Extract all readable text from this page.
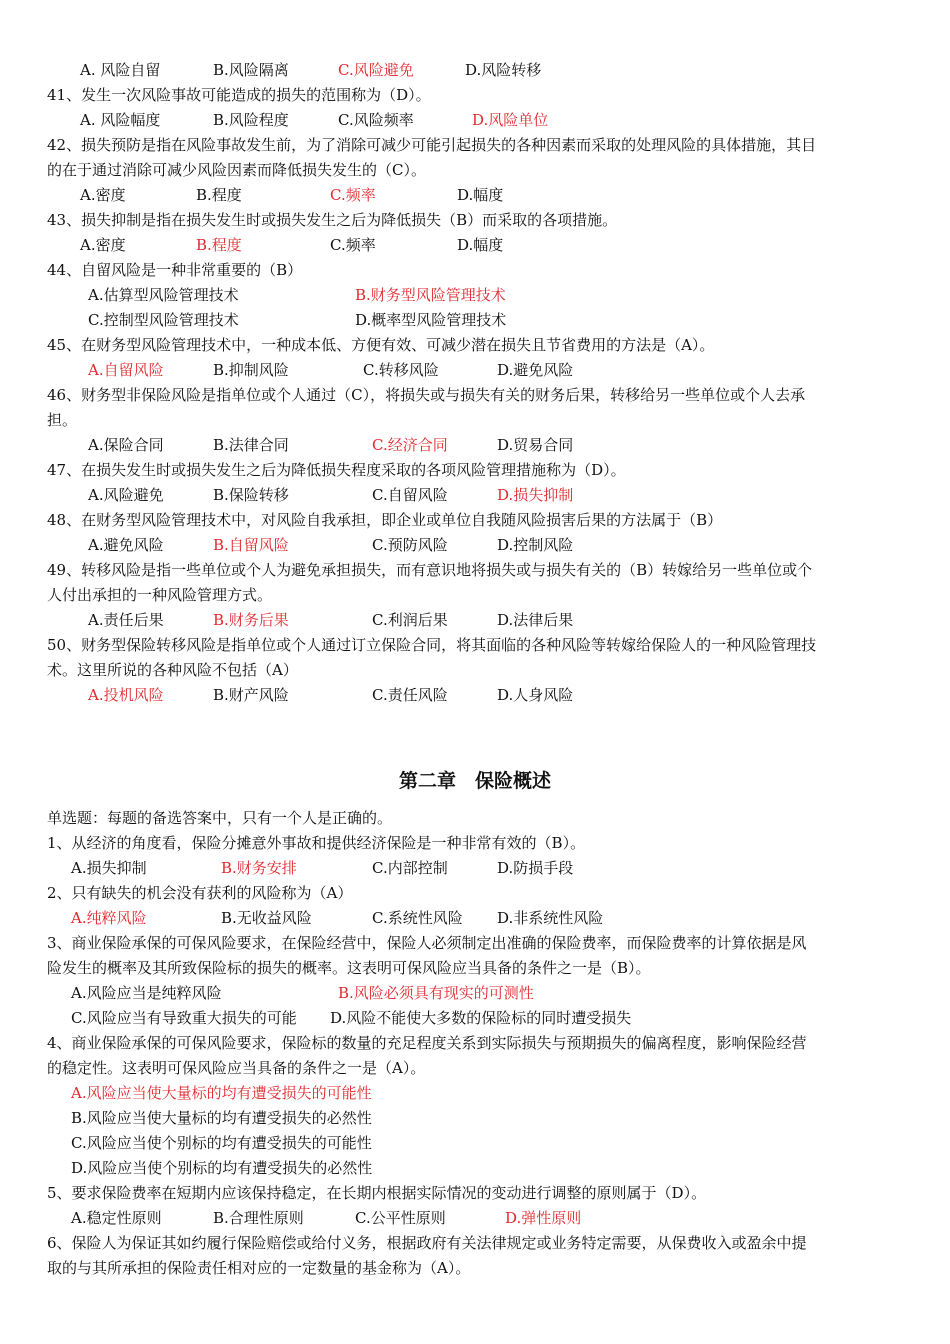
A. 风险自留	B.风险隔离	C.风险避免	D.风险转移
41、发生一次风险事故可能造成的损失的范围称为（D）。
A. 风险幅度	B.风险程度	C.风险频率	D.风险单位
42、损失预防是指在风险事故发生前，为了消除可减少可能引起损失的各种因素而采取的处理风险的具体措施，其目
的在于通过消除可减少风险因素而降低损失发生的（C）。
A.密度	B.程度	C.频率	D.幅度
43、损失抑制是指在损失发生时或损失发生之后为降低损失（B）而采取的各项措施。
A.密度	B.程度	C.频率	D.幅度
44、自留风险是一种非常重要的（B）
A.估算型风险管理技术	B.财务型风险管理技术
C.控制型风险管理技术	D.概率型风险管理技术
45、在财务型风险管理技术中，一种成本低、方便有效、可减少潜在损失且节省费用的方法是（A）。
A.自留风险	B.抑制风险	C.转移风险	D.避免风险
46、财务型非保险风险是指单位或个人通过（C），将损失或与损失有关的财务后果，转移给另一些单位或个人去承
担。
A.保险合同	B.法律合同	C.经济合同	D.贸易合同
47、在损失发生时或损失发生之后为降低损失程度采取的各项风险管理措施称为（D）。
A.风险避免	B.保险转移	C.自留风险	D.损失抑制
48、在财务型风险管理技术中，对风险自我承担，即企业或单位自我随风险损害后果的方法属于（B）
A.避免风险	B.自留风险	C.预防风险	D.控制风险
49、转移风险是指一些单位或个人为避免承担损失，而有意识地将损失或与损失有关的（B）转嫁给另一些单位或个
人付出承担的一种风险管理方式。
A.责任后果	B.财务后果	C.利润后果	D.法律后果
50、财务型保险转移风险是指单位或个人通过订立保险合同，将其面临的各种风险等转嫁给保险人的一种风险管理技
术。这里所说的各种风险不包括（A）
A.投机风险	B.财产风险	C.责任风险	D.人身风险
第二章　保险概述
单选题：每题的备选答案中，只有一个人是正确的。
1、从经济的角度看，保险分摊意外事故和提供经济保险是一种非常有效的（B）。
A.损失抑制	B.财务安排	C.内部控制	D.防损手段
2、只有缺失的机会没有获利的风险称为（A）
A.纯粹风险	B.无收益风险	C.系统性风险 D.非系统性风险
3、商业保险承保的可保风险要求，在保险经营中，保险人必须制定出准确的保险费率，而保险费率的计算依据是风
险发生的概率及其所致保险标的损失的概率。这表明可保风险应当具备的条件之一是（B）。
A.风险应当是纯粹风险	B.风险必须具有现实的可测性
C.风险应当有导致重大损失的可能 D.风险不能使大多数的保险标的同时遭受损失
4、商业保险承保的可保风险要求，保险标的数量的充足程度关系到实际损失与预期损失的偏离程度，影响保险经营
的稳定性。这表明可保风险应当具备的条件之一是（A）。
A.风险应当使大量标的均有遭受损失的可能性
B.风险应当使大量标的均有遭受损失的必然性
C.风险应当使个别标的均有遭受损失的可能性
D.风险应当使个别标的均有遭受损失的必然性
5、要求保险费率在短期内应该保持稳定，在长期内根据实际情况的变动进行调整的原则属于（D）。
A.稳定性原则	B.合理性原则	C.公平性原则	D.弹性原则
6、保险人为保证其如约履行保险赔偿或给付义务，根据政府有关法律规定或业务特定需要，从保费收入或盈余中提
取的与其所承担的保险责任相对应的一定数量的基金称为（A）。
